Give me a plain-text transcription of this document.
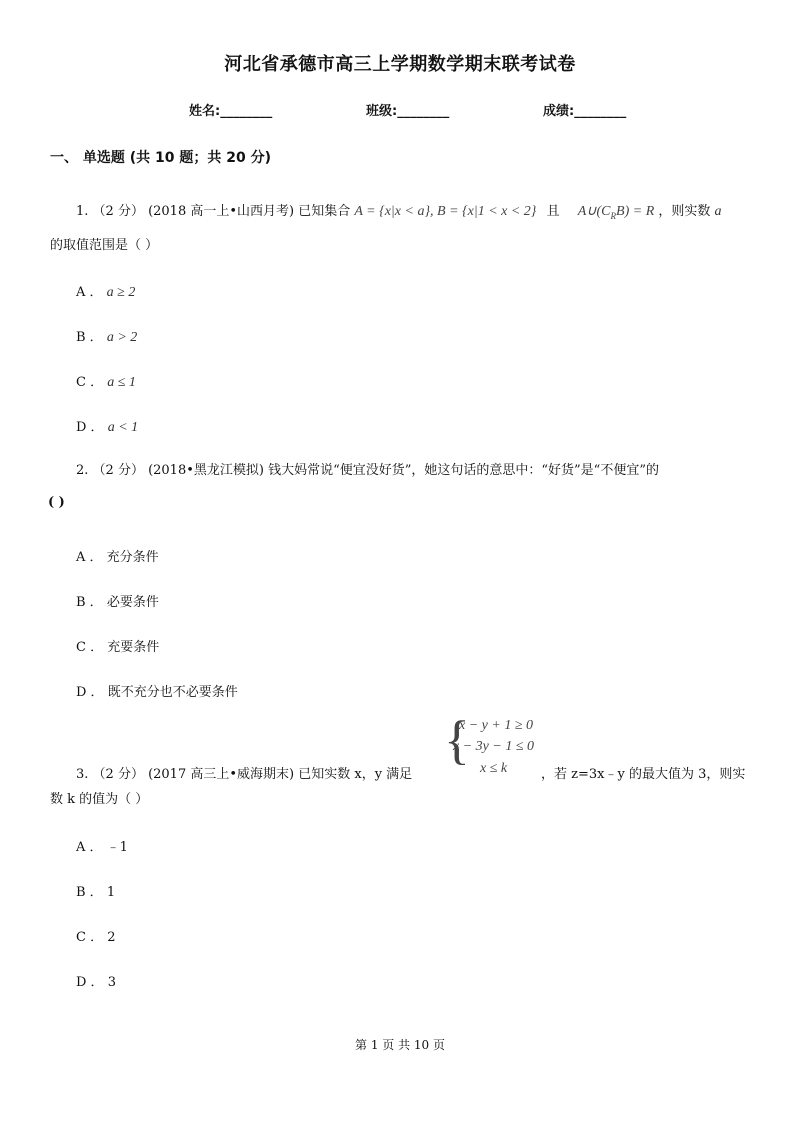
河北省承德市高三上学期数学期末联考试卷
姓名:________	班级:________	成绩:________
一、 单选题 (共 10 题；共 20 分)
1. （2 分） (2018 高一上•山西月考) 已知集合 A = {x|x < a}, B = {x|1 < x < 2} 且 $A\cup(C_RB) = R$ ，则实数 a
的取值范围是（ ）
A ． a ≥ 2
B ． a > 2
C ． a ≤ 1
D ． a < 1
2. （2 分） (2018•黑龙江模拟) 钱大妈常说“便宜没好货”，她这句话的意思中：“好货”是“不便宜”的
( )
A ． 充分条件
B ． 必要条件
C ． 充要条件
D ． 既不充分也不必要条件
{
x − y + 1 ≥ 0
x − 3y − 1 ≤ 0
x ≤ k
3. （2 分） (2017 高三上•威海期末) 已知实数 x，y 满足	，若 z=3x﹣y 的最大值为 3，则实
数 k 的值为（ ）
A ． ﹣1
B ． 1
C ． 2
D ． 3
第 1 页 共 10 页
